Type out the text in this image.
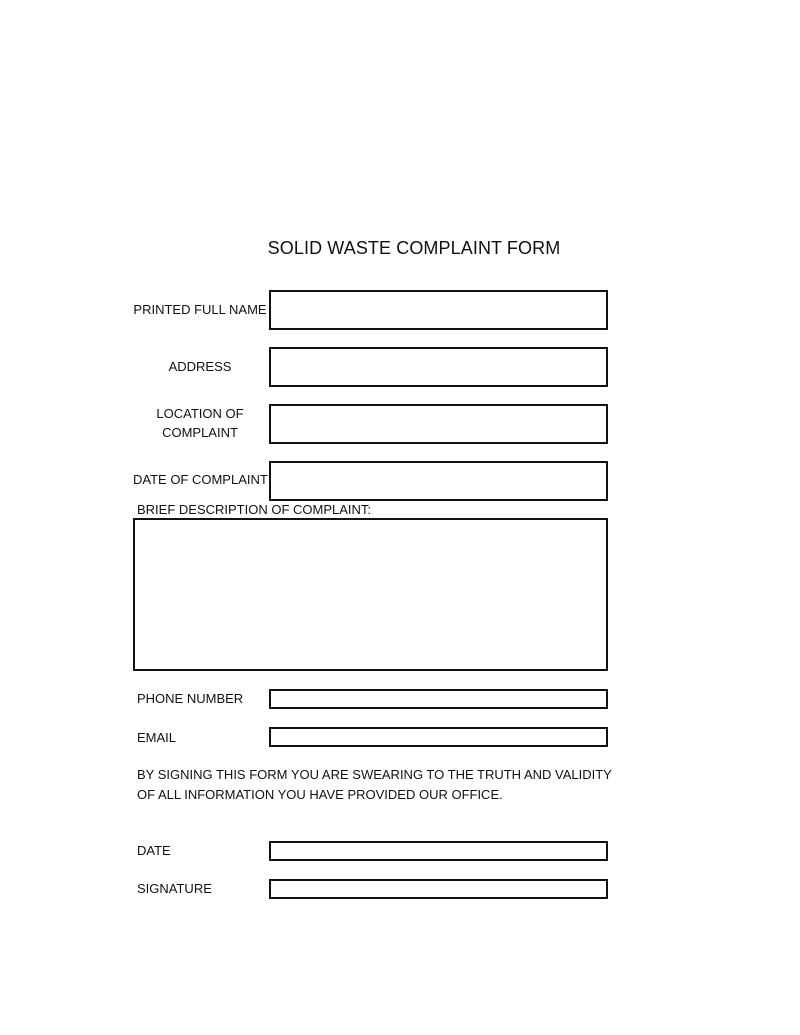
SOLID WASTE COMPLAINT FORM
PRINTED FULL NAME
ADDRESS
LOCATION OF
COMPLAINT
DATE OF COMPLAINT
BRIEF DESCRIPTION OF COMPLAINT:
PHONE NUMBER
EMAIL
BY SIGNING THIS FORM YOU ARE SWEARING TO THE TRUTH AND VALIDITY OF ALL INFORMATION YOU HAVE PROVIDED OUR OFFICE.
DATE
SIGNATURE
